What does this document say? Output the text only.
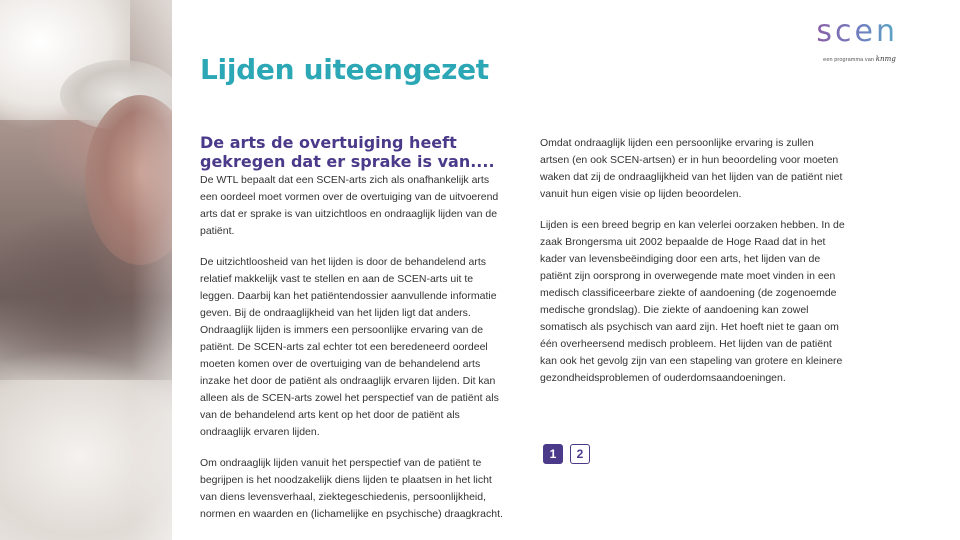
scen
een programma van knmg
Lijden uiteengezet
De arts de overtuiging heeft gekregen dat er sprake is van....

De WTL bepaalt dat een SCEN-arts zich als onafhankelijk arts een oordeel moet vormen over de overtuiging van de uitvoerend arts dat er sprake is van uitzichtloos en ondraaglijk lijden van de patiënt.

De uitzichtloosheid van het lijden is door de behandelend arts relatief makkelijk vast te stellen en aan de SCEN-arts uit te leggen. Daarbij kan het patiëntendossier aanvullende informatie geven. Bij de ondraaglijkheid van het lijden ligt dat anders. Ondraaglijk lijden is immers een persoonlijke ervaring van de patiënt. De SCEN-arts zal echter tot een beredeneerd oordeel moeten komen over de overtuiging van de behandelend arts inzake het door de patiënt als ondraaglijk ervaren lijden. Dit kan alleen als de SCEN-arts zowel het perspectief van de patiënt als van de behandelend arts kent op het door de patiënt als ondraaglijk ervaren lijden.

Om ondraaglijk lijden vanuit het perspectief van de patiënt te begrijpen is het noodzakelijk diens lijden te plaatsen in het licht van diens levensverhaal, ziektegeschiedenis, persoonlijkheid, normen en waarden en (lichamelijke en psychische) draagkracht.

Omdat ondraaglijk lijden een persoonlijke ervaring is zullen artsen (en ook SCEN-artsen) er in hun beoordeling voor moeten waken dat zij de ondraaglijkheid van het lijden van de patiënt niet vanuit hun eigen visie op lijden beoordelen.

Lijden is een breed begrip en kan velerlei oorzaken hebben. In de zaak Brongersma uit 2002 bepaalde de Hoge Raad dat in het kader van levensbeëindiging door een arts, het lijden van de patiënt zijn oorsprong in overwegende mate moet vinden in een medisch classificeerbare ziekte of aandoening (de zogenoemde medische grondslag). Die ziekte of aandoening kan zowel somatisch als psychisch van aard zijn. Het hoeft niet te gaan om één overheersend medisch probleem. Het lijden van de patiënt kan ook het gevolg zijn van een stapeling van grotere en kleinere gezondheidsproblemen of ouderdomsaandoeningen.

1	2
